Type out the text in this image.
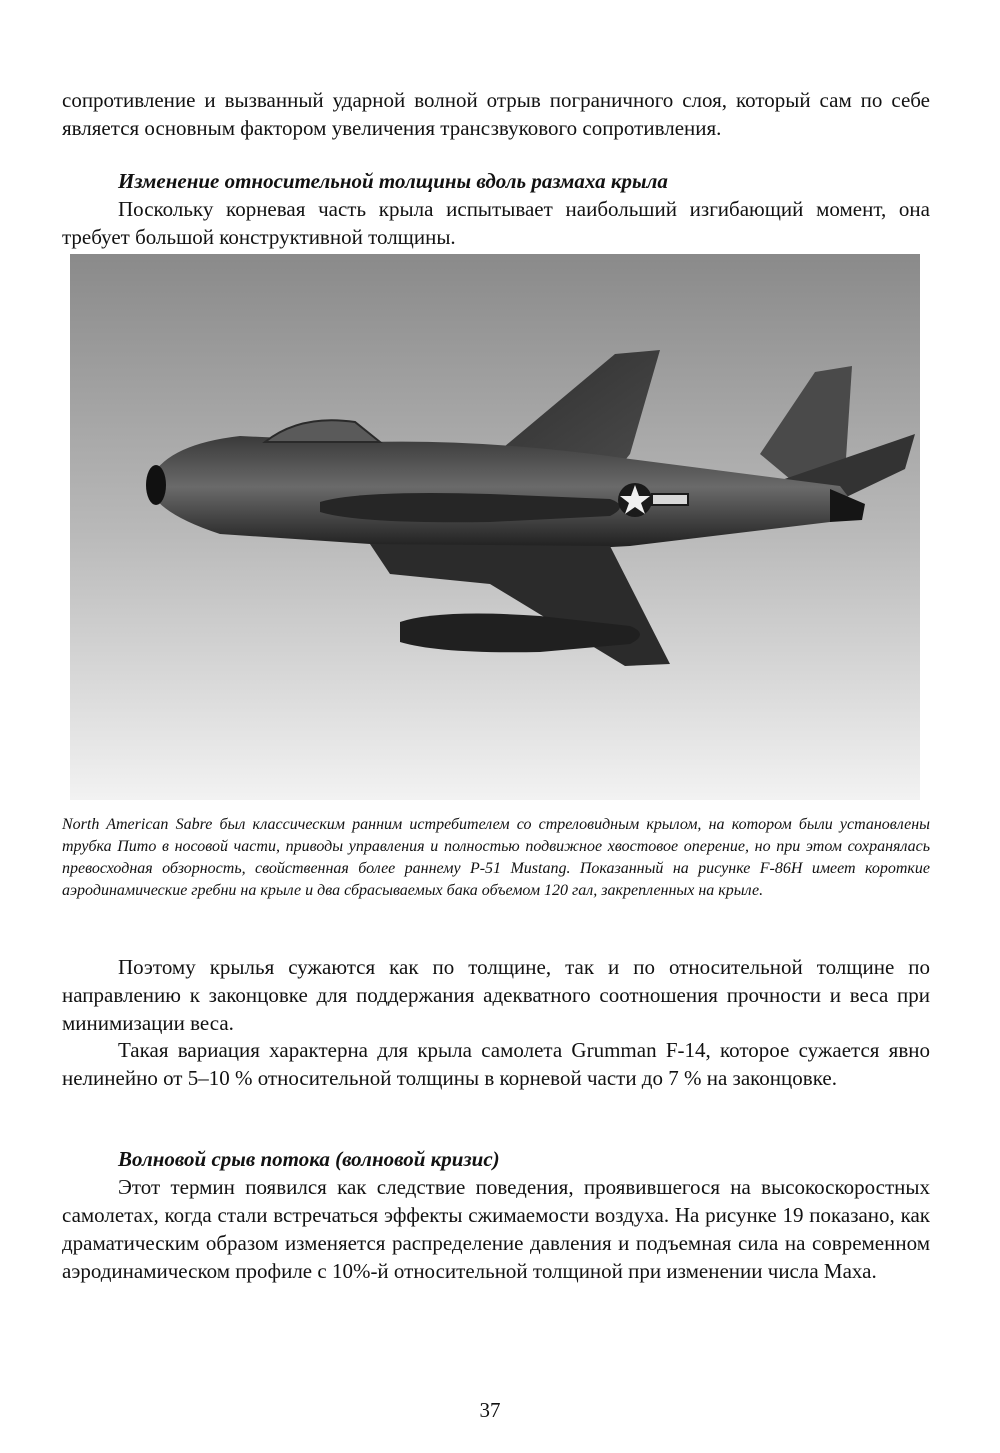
сопротивление и вызванный ударной волной отрыв пограничного слоя, который сам по себе является основным фактором увеличения трансзвукового сопротивления.

Изменение относительной толщины вдоль размаха крыла

Поскольку корневая часть крыла испытывает наибольший изгибающий момент, она требует большой конструктивной толщины.

North American Sabre был классическим ранним истребителем со стреловидным крылом, на котором были установлены трубка Пито в носовой части, приводы управления и полностью подвижное хвостовое оперение, но при этом сохранялась превосходная обзорность, свойственная более раннему P-51 Mustang. Показанный на рисунке F-86H имеет короткие аэродинамические гребни на крыле и два сбрасываемых бака объемом 120 гал, закрепленных на крыле.

Поэтому крылья сужаются как по толщине, так и по относительной толщине по направлению к законцовке для поддержания адекватного соотношения прочности и веса при минимизации веса.

Такая вариация характерна для крыла самолета Grumman F-14, которое сужается явно нелинейно от 5–10 % относительной толщины в корневой части до 7 % на законцовке.

Волновой срыв потока (волновой кризис)

Этот термин появился как следствие поведения, проявившегося на высокоскоростных самолетах, когда стали встречаться эффекты сжимаемости воздуха. На рисунке 19 показано, как драматическим образом изменяется распределение давления и подъемная сила на современном аэродинамическом профиле с 10%-й относительной толщиной при изменении числа Маха.

37
